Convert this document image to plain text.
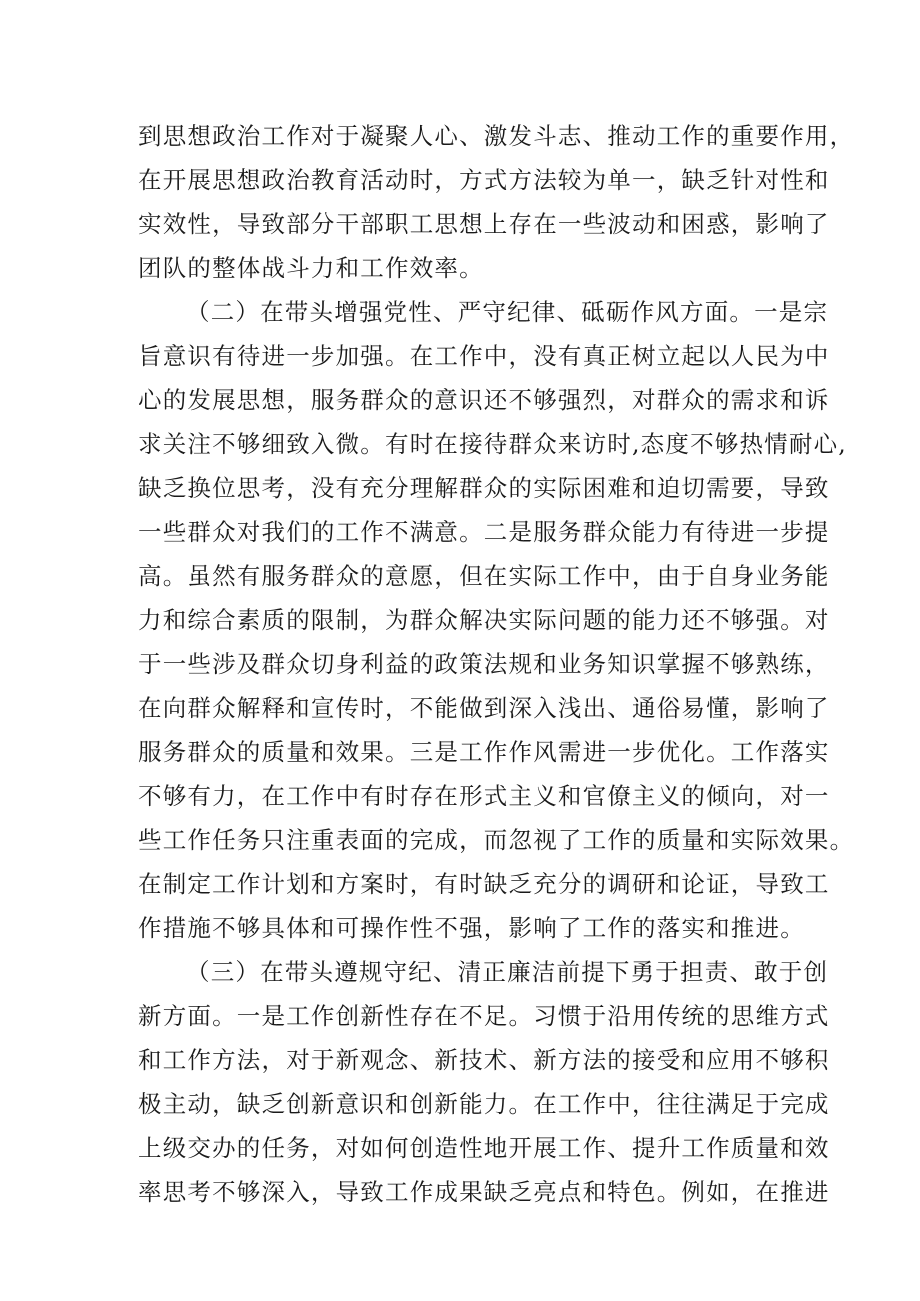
到思想政治工作对于凝聚人心、激发斗志、推动工作的重要作用，
在开展思想政治教育活动时，方式方法较为单一，缺乏针对性和
实效性，导致部分干部职工思想上存在一些波动和困惑，影响了
团队的整体战斗力和工作效率。
（二）在带头增强党性、严守纪律、砥砺作风方面。一是宗
旨意识有待进一步加强。在工作中，没有真正树立起以人民为中
心的发展思想，服务群众的意识还不够强烈，对群众的需求和诉
求关注不够细致入微。有时在接待群众来访时,态度不够热情耐心,
缺乏换位思考，没有充分理解群众的实际困难和迫切需要，导致
一些群众对我们的工作不满意。二是服务群众能力有待进一步提
高。虽然有服务群众的意愿，但在实际工作中，由于自身业务能
力和综合素质的限制，为群众解决实际问题的能力还不够强。对
于一些涉及群众切身利益的政策法规和业务知识掌握不够熟练，
在向群众解释和宣传时，不能做到深入浅出、通俗易懂，影响了
服务群众的质量和效果。三是工作作风需进一步优化。工作落实
不够有力，在工作中有时存在形式主义和官僚主义的倾向，对一
些工作任务只注重表面的完成，而忽视了工作的质量和实际效果。
在制定工作计划和方案时，有时缺乏充分的调研和论证，导致工
作措施不够具体和可操作性不强，影响了工作的落实和推进。
（三）在带头遵规守纪、清正廉洁前提下勇于担责、敢于创
新方面。一是工作创新性存在不足。习惯于沿用传统的思维方式
和工作方法，对于新观念、新技术、新方法的接受和应用不够积
极主动，缺乏创新意识和创新能力。在工作中，往往满足于完成
上级交办的任务，对如何创造性地开展工作、提升工作质量和效
率思考不够深入，导致工作成果缺乏亮点和特色。例如，在推进
